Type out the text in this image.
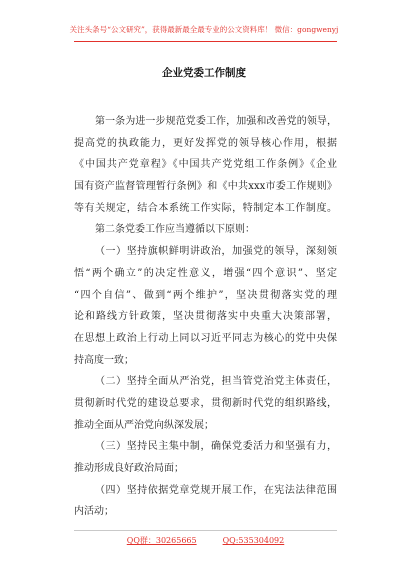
关注头条号“公文研究”，获得最新最全最专业的公文资料库！ 微信：gongwenyj
企业党委工作制度
第一条为进一步规范党委工作，加强和改善党的领导，
提高党的执政能力，更好发挥党的领导核心作用，根据
《中国共产党章程》《中国共产党党组工作条例》《企业
国有资产监督管理暂行条例》和《中共xxx市委工作规则》
等有关规定，结合本系统工作实际，特制定本工作制度。
第二条党委工作应当遵循以下原则：
（一）坚持旗帜鲜明讲政治，加强党的领导，深刻领
悟“两个确立”的决定性意义，增强“四个意识”、坚定
“四个自信”、做到“两个维护”，坚决贯彻落实党的理
论和路线方针政策，坚决贯彻落实中央重大决策部署，
在思想上政治上行动上同以习近平同志为核心的党中央保
持高度一致；
（二）坚持全面从严治党，担当管党治党主体责任，
贯彻新时代党的建设总要求，贯彻新时代党的组织路线，
推动全面从严治党向纵深发展；
（三）坚持民主集中制，确保党委活力和坚强有力，
推动形成良好政治局面；
（四）坚持依据党章党规开展工作，在宪法法律范围
内活动；
QQ群：30265665	QQ:535304092
